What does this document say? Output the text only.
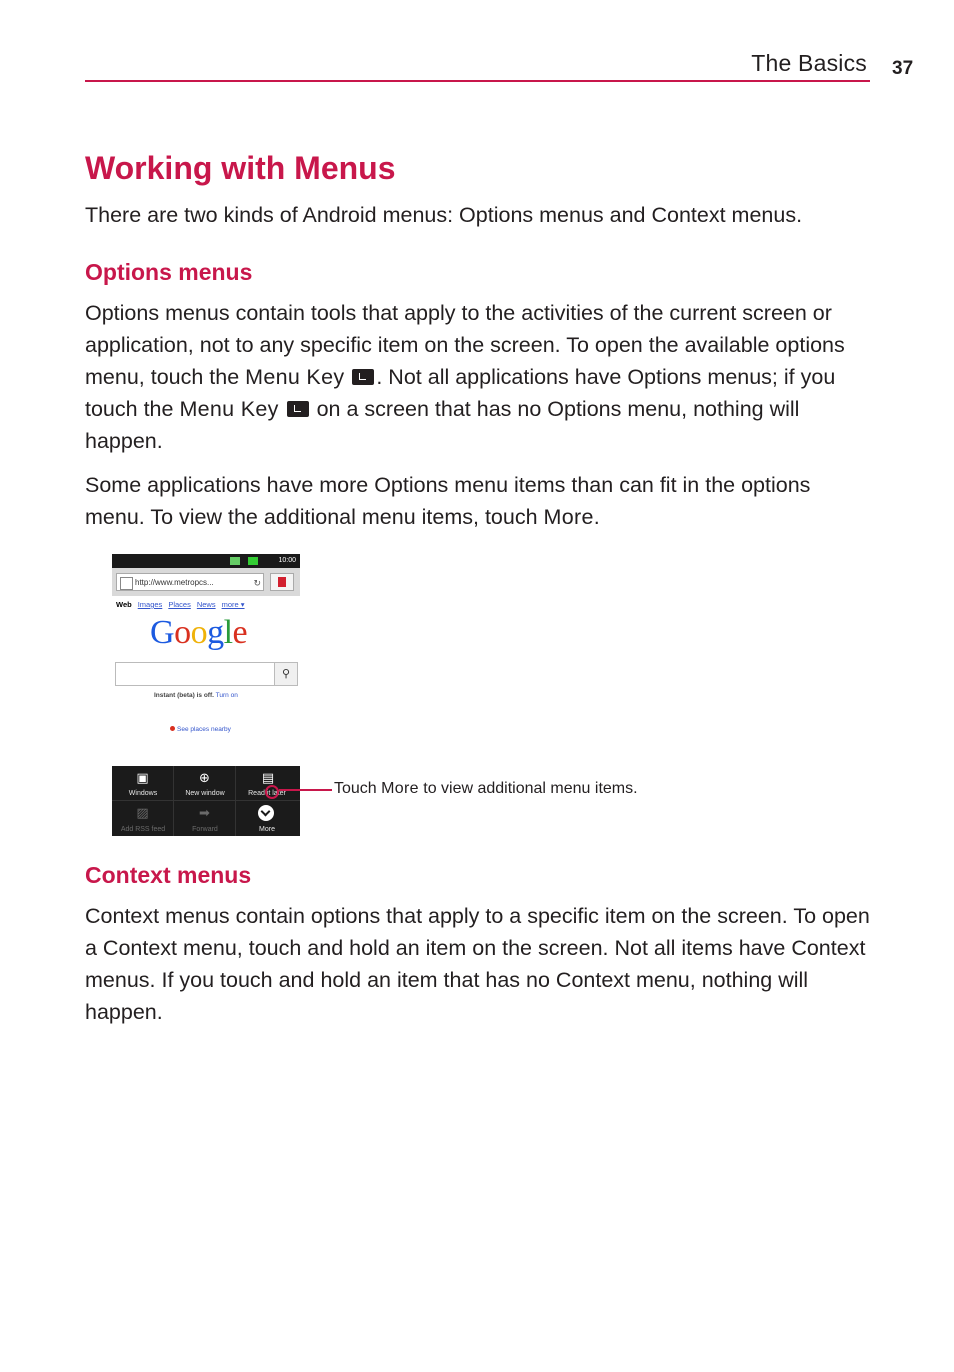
The Basics 37
Working with Menus

There are two kinds of Android menus: Options menus and Context menus.

Options menus

Options menus contain tools that apply to the activities of the current screen or application, not to any specific item on the screen. To open the available options menu, touch the Menu Key . Not all applications have Options menus; if you touch the Menu Key  on a screen that has no Options menu, nothing will happen.

Some applications have more Options menu items than can fit in the options menu. To view the additional menu items, touch More.

10:00
http://www.metropcs...	↻
Web Images Places News more ▾
Google
⚲
Instant (beta) is off. Turn on
See places nearby
▣
Windows
⊕
New window
▤
Read it later
▨
Add RSS feed
➡
Forward	More
Touch More to view additional menu items.
Context menus

Context menus contain options that apply to a specific item on the screen. To open a Context menu, touch and hold an item on the screen. Not all items have Context menus. If you touch and hold an item that has no Context menu, nothing will happen.
